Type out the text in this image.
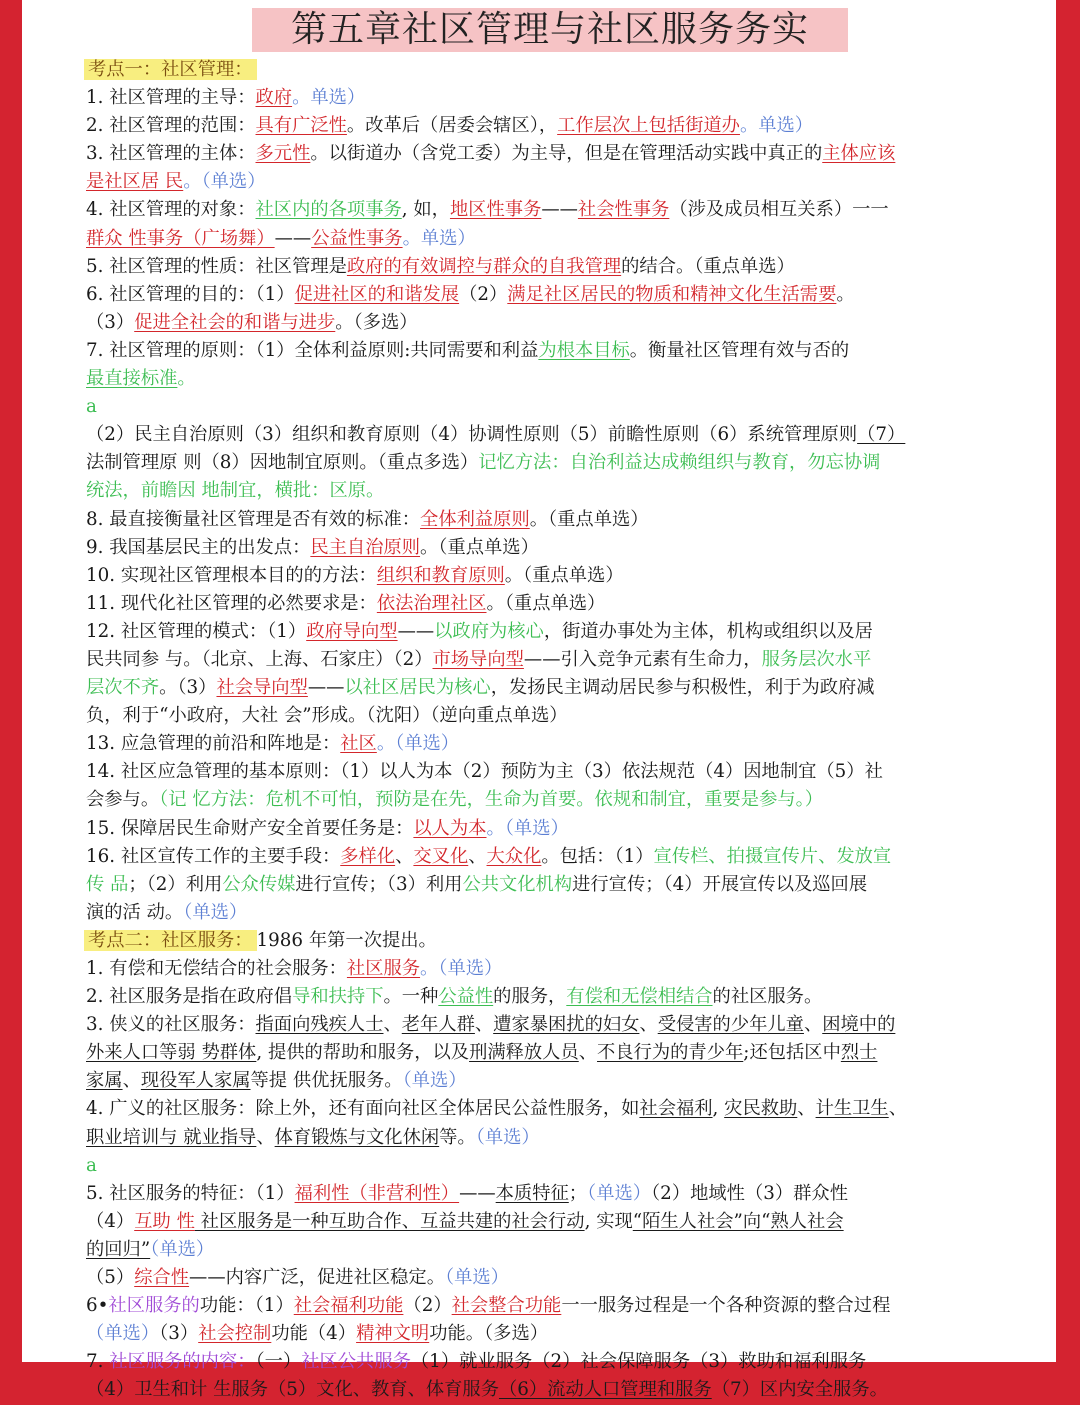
第五章社区管理与社区服务务实
考点一：社区管理：
1. 社区管理的主导：政府。单选）
2. 社区管理的范围：具有广泛性。改革后（居委会辖区），工作层次上包括街道办。单选）
3. 社区管理的主体：多元性。以街道办（含党工委）为主导，但是在管理活动实践中真正的主体应该
是社区居 民。（单选）
4. 社区管理的对象：社区内的各项事务, 如，地区性事务——社会性事务（涉及成员相互关系）一一
群众 性事务（广场舞）——公益性事务。单选）
5. 社区管理的性质：社区管理是政府的有效调控与群众的自我管理的结合。（重点单选）
6. 社区管理的目的：（1）促进社区的和谐发展（2）满足社区居民的物质和精神文化生活需要。
（3）促进全社会的和谐与进步。（多选）
7. 社区管理的原则：（1）全体利益原则:共同需要和利益为根本目标。衡量社区管理有效与否的
最直接标准。
a
（2）民主自治原则（3）组织和教育原则（4）协调性原则（5）前瞻性原则（6）系统管理原则（7）
法制管理原 则（8）因地制宜原则。（重点多选）记忆方法：自治利益达成赖组织与教育，勿忘协调
统法，前瞻因 地制宜，横批：区原。
8. 最直接衡量社区管理是否有效的标准：全体利益原则。（重点单选）
9. 我国基层民主的出发点：民主自治原则。（重点单选）
10. 实现社区管理根本目的的方法：组织和教育原则。（重点单选）
11. 现代化社区管理的必然要求是：依法治理社区。（重点单选）
12. 社区管理的模式：（1）政府导向型——以政府为核心，街道办事处为主体，机构或组织以及居
民共同参 与。（北京、上海、石家庄）（2）市场导向型——引入竞争元素有生命力，服务层次水平
层次不齐。（3）社会导向型——以社区居民为核心，发扬民主调动居民参与积极性，利于为政府减
负，利于“小政府，大社 会”形成。（沈阳）（逆向重点单选）
13. 应急管理的前沿和阵地是：社区。（单选）
14. 社区应急管理的基本原则：（1）以人为本（2）预防为主（3）依法规范（4）因地制宜（5）社
会参与。（记 忆方法：危机不可怕，预防是在先，生命为首要。依规和制宜，重要是参与。）
15. 保障居民生命财产安全首要任务是：以人为本。（单选）
16. 社区宣传工作的主要手段：多样化、交叉化、大众化。包括：（1）宣传栏、拍摄宣传片、发放宣
传 品；（2）利用公众传媒进行宣传；（3）利用公共文化机构进行宣传；（4）开展宣传以及巡回展
演的活 动。（单选）
考点二：社区服务： 1986 年第一次提出。
1. 有偿和无偿结合的社会服务：社区服务。（单选）
2. 社区服务是指在政府倡导和扶持下。一种公益性的服务，有偿和无偿相结合的社区服务。
3. 侠义的社区服务：指面向残疾人士、老年人群、遭家暴困扰的妇女、受侵害的少年儿童、困境中的
外来人口等弱 势群体, 提供的帮助和服务，以及刑满释放人员、不良行为的青少年;还包括区中烈士
家属、现役军人家属等提 供优抚服务。（单选）
4. 广义的社区服务：除上外，还有面向社区全体居民公益性服务，如社会福利, 灾民救助、计生卫生、
职业培训与 就业指导、体育锻炼与文化休闲等。（单选）
a
5. 社区服务的特征：（1）福利性（非营利性）——本质特征；（单选）（2）地域性（3）群众性
（4）互助 性 社区服务是一种互助合作、互益共建的社会行动, 实现“陌生人社会”向“熟人社会
的回归”（单选）
（5）综合性——内容广泛，促进社区稳定。（单选）
6•社区服务的功能：（1）社会福利功能（2）社会整合功能一一服务过程是一个各种资源的整合过程
（单选）（3）社会控制功能（4）精神文明功能。（多选）
7. 社区服务的内容：（一）社区公共服务（1）就业服务（2）社会保障服务（3）救助和福利服务
（4）卫生和计 生服务（5）文化、教育、体育服务（6）流动人口管理和服务（7）区内安全服务。
